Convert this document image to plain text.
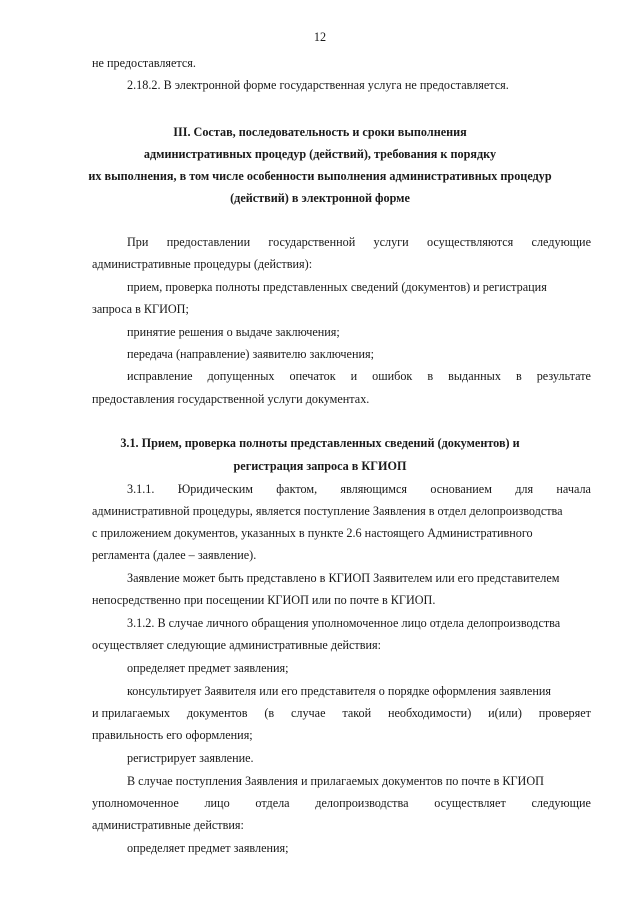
12
не предоставляется.
2.18.2. В электронной форме государственная услуга не предоставляется.
III. Состав, последовательность и сроки выполнения
административных процедур (действий), требования к порядку
их выполнения, в том числе особенности выполнения административных процедур
(действий) в электронной форме
При предоставлении государственной услуги осуществляются следующие
административные процедуры (действия):
прием, проверка полноты представленных сведений (документов) и регистрация
запроса в КГИОП;
принятие решения о выдаче заключения;
передача (направление) заявителю заключения;
исправление допущенных опечаток и ошибок в выданных в результате
предоставления государственной услуги документах.
3.1. Прием, проверка полноты представленных сведений (документов) и
регистрация запроса в КГИОП
3.1.1. Юридическим фактом, являющимся основанием для начала
административной процедуры, является поступление Заявления в отдел делопроизводства
с приложением документов, указанных в пункте 2.6 настоящего Административного
регламента (далее – заявление).
Заявление может быть представлено в КГИОП Заявителем или его представителем
непосредственно при посещении КГИОП или по почте в КГИОП.
3.1.2. В случае личного обращения уполномоченное лицо отдела делопроизводства
осуществляет следующие административные действия:
определяет предмет заявления;
консультирует Заявителя или его представителя о порядке оформления заявления
и прилагаемых документов (в случае такой необходимости) и(или) проверяет
правильность его оформления;
регистрирует заявление.
В случае поступления Заявления и прилагаемых документов по почте в КГИОП
уполномоченное лицо отдела делопроизводства осуществляет следующие
административные действия:
определяет предмет заявления;
